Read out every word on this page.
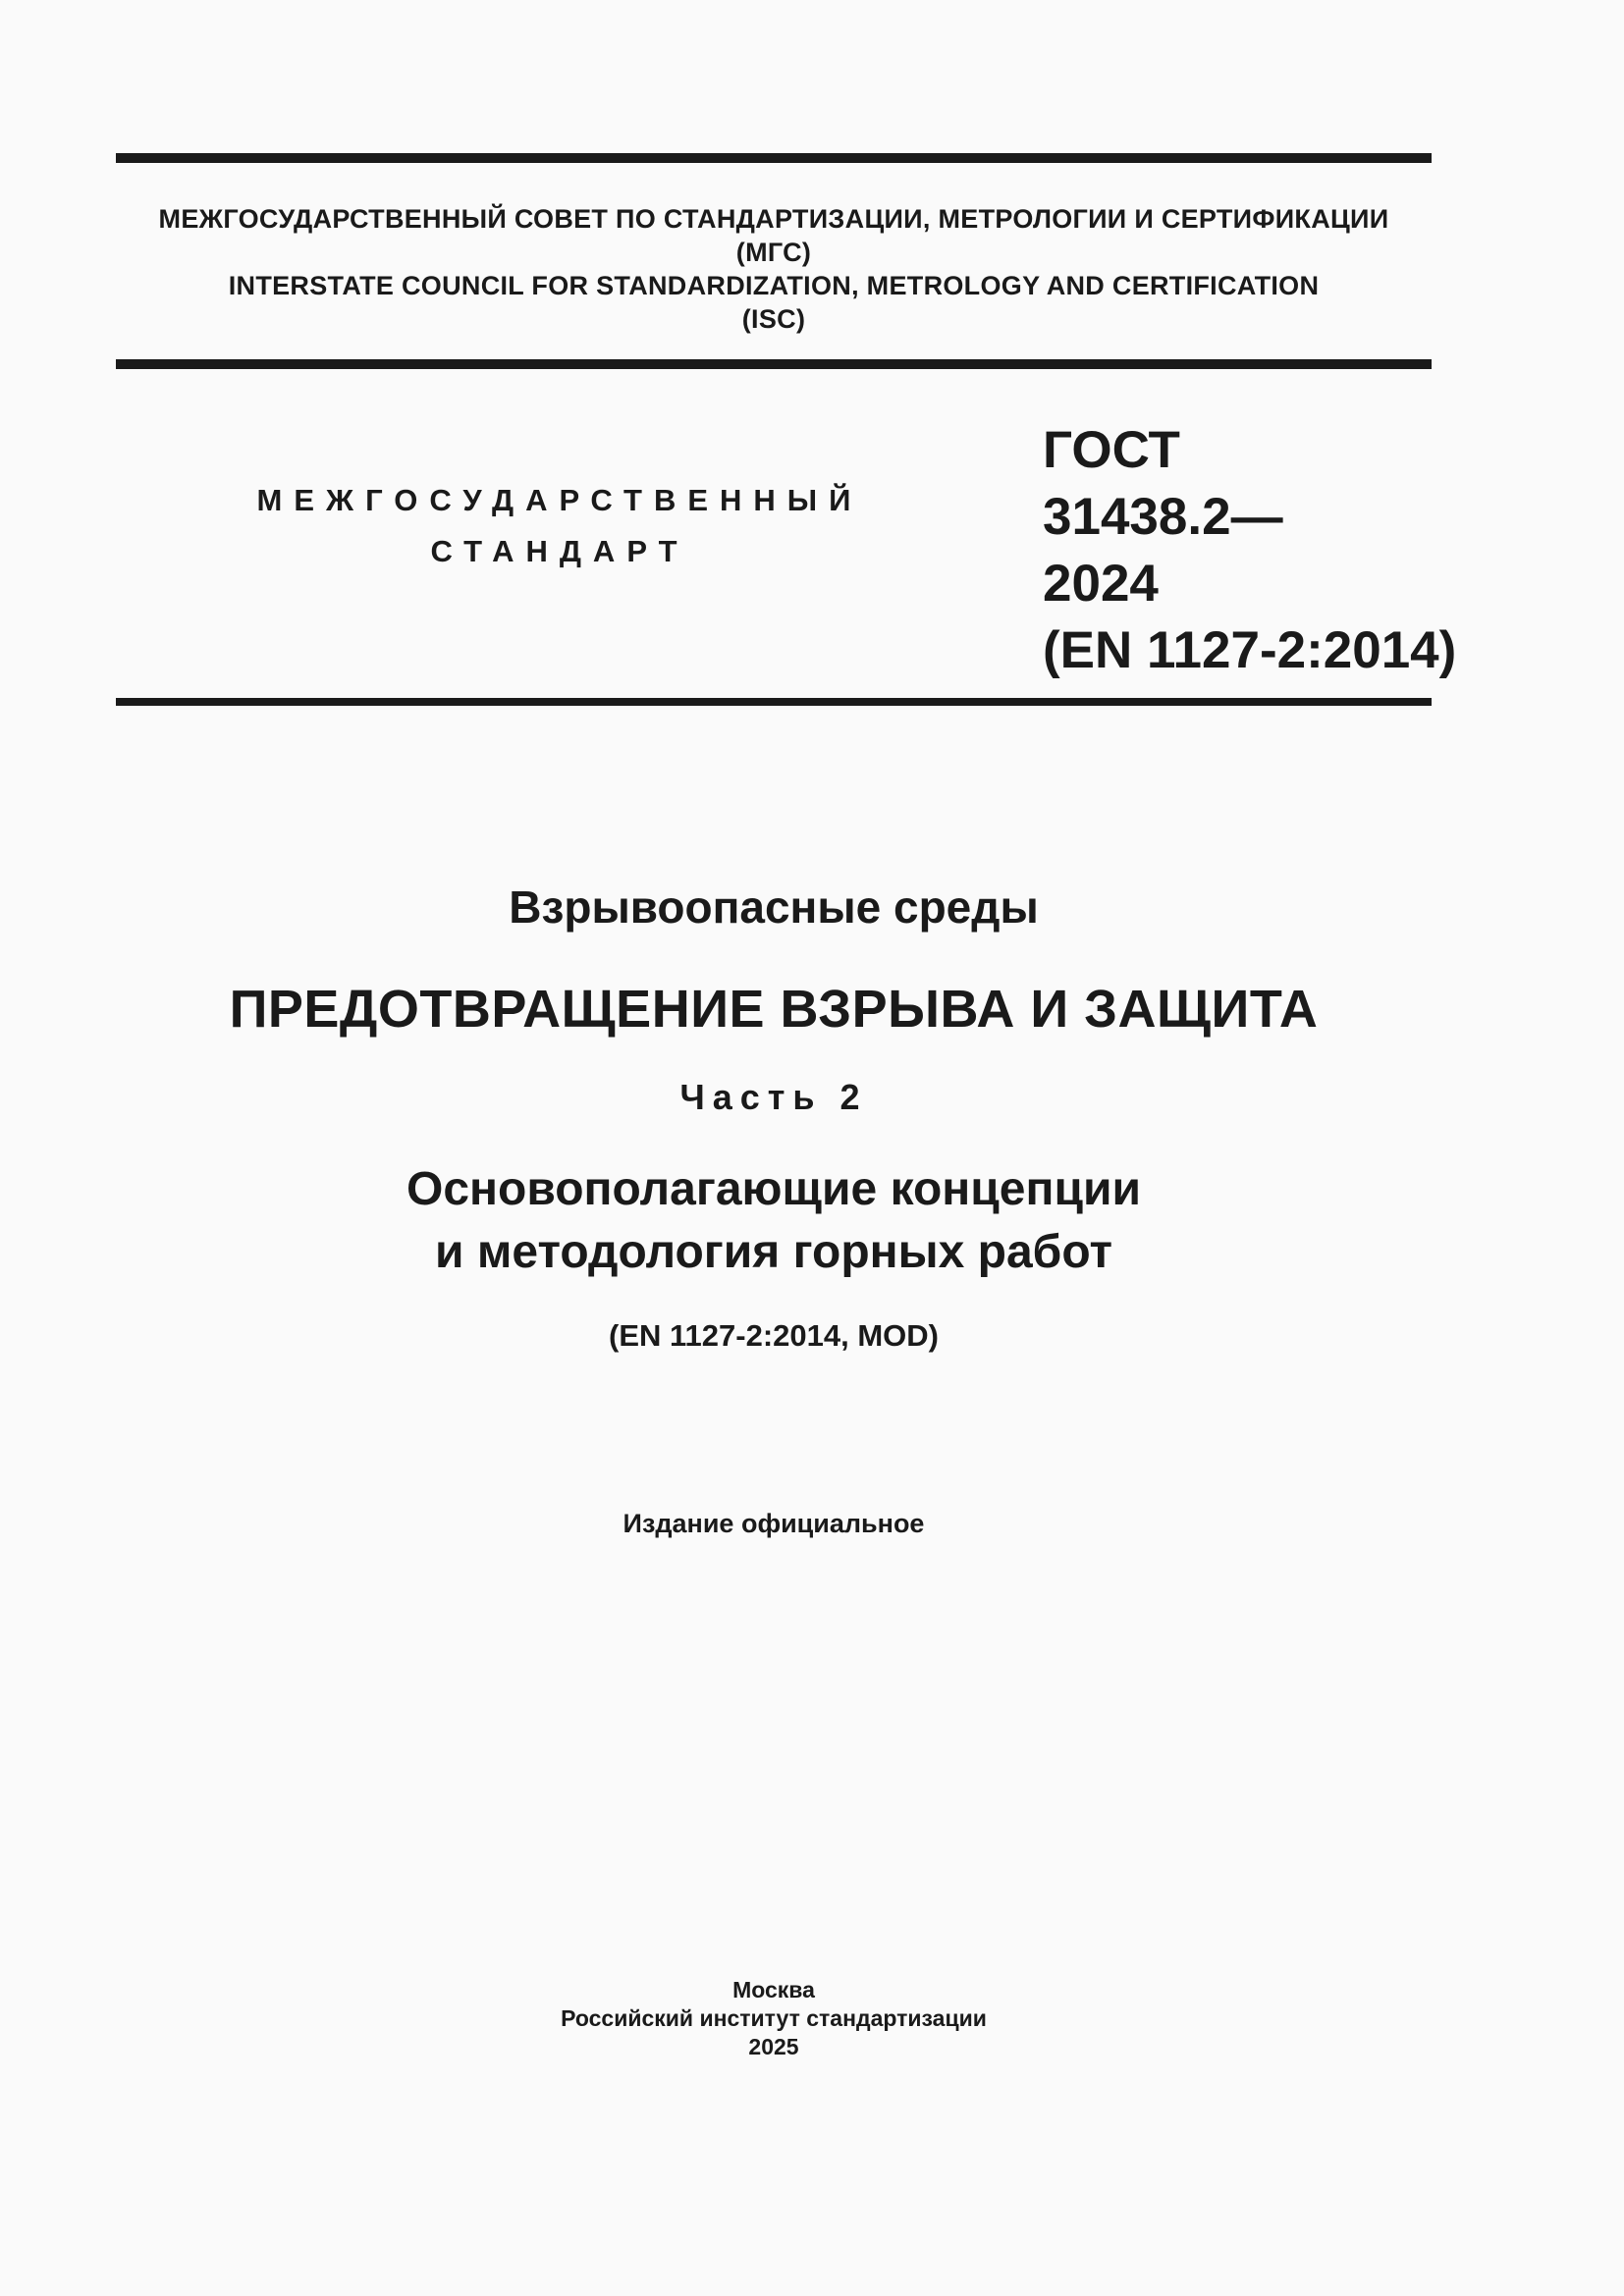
МЕЖГОСУДАРСТВЕННЫЙ СОВЕТ ПО СТАНДАРТИЗАЦИИ, МЕТРОЛОГИИ И СЕРТИФИКАЦИИ
(МГС)
INTERSTATE COUNCIL FOR STANDARDIZATION, METROLOGY AND CERTIFICATION
(ISC)
МЕЖГОСУДАРСТВЕННЫЙ
СТАНДАРТ
ГОСТ
31438.2—
2024
(EN 1127-2:2014)
Взрывоопасные среды
ПРЕДОТВРАЩЕНИЕ ВЗРЫВА И ЗАЩИТА
Часть 2
Основополагающие концепции
и методология горных работ
(EN 1127-2:2014, MOD)
Издание официальное
Москва
Российский институт стандартизации
2025
